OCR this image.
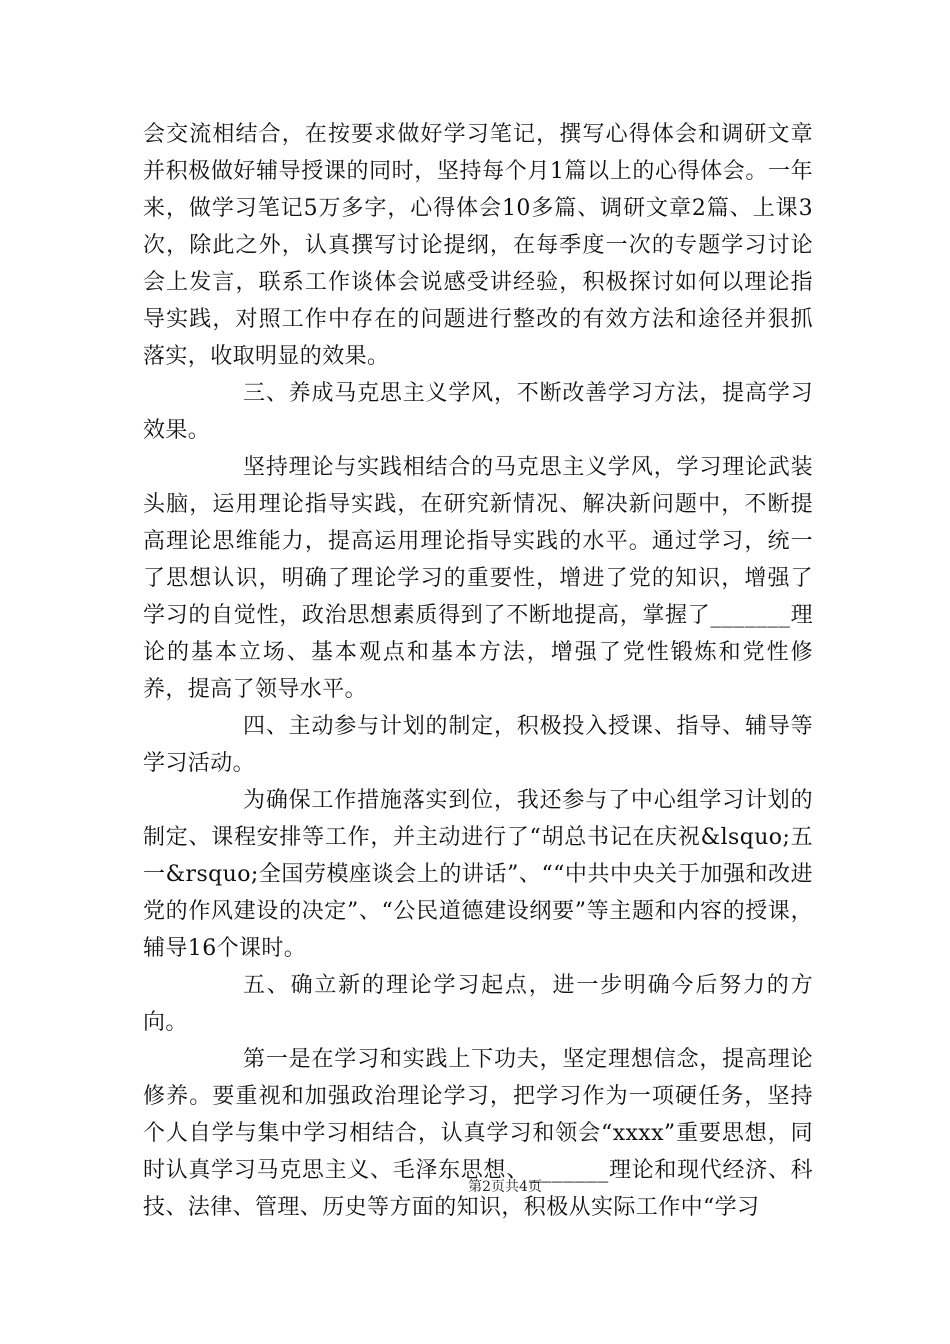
会交流相结合，在按要求做好学习笔记，撰写心得体会和调研文章并积极做好辅导授课的同时，坚持每个月1篇以上的心得体会。一年来，做学习笔记5万多字，心得体会10多篇、调研文章2篇、上课3次，除此之外，认真撰写讨论提纲，在每季度一次的专题学习讨论会上发言，联系工作谈体会说感受讲经验，积极探讨如何以理论指导实践，对照工作中存在的问题进行整改的有效方法和途径并狠抓落实，收取明显的效果。

三、养成马克思主义学风，不断改善学习方法，提高学习效果。

坚持理论与实践相结合的马克思主义学风，学习理论武装头脑，运用理论指导实践，在研究新情况、解决新问题中，不断提高理论思维能力，提高运用理论指导实践的水平。通过学习，统一了思想认识，明确了理论学习的重要性，增进了党的知识，增强了学习的自觉性，政治思想素质得到了不断地提高，掌握了_______理论的基本立场、基本观点和基本方法，增强了党性锻炼和党性修养，提高了领导水平。

四、主动参与计划的制定，积极投入授课、指导、辅导等学习活动。

为确保工作措施落实到位，我还参与了中心组学习计划的制定、课程安排等工作，并主动进行了“胡总书记在庆祝&lsquo;五一&rsquo;全国劳模座谈会上的讲话”、““中共中央关于加强和改进党的作风建设的决定”、“公民道德建设纲要”等主题和内容的授课，辅导16个课时。

五、确立新的理论学习起点，进一步明确今后努力的方向。

第一是在学习和实践上下功夫，坚定理想信念，提高理论修养。要重视和加强政治理论学习，把学习作为一项硬任务，坚持个人自学与集中学习相结合，认真学习和领会“xxxx”重要思想，同时认真学习马克思主义、毛泽东思想、_______理论和现代经济、科技、法律、管理、历史等方面的知识，积极从实际工作中“学习

第2页共4页
